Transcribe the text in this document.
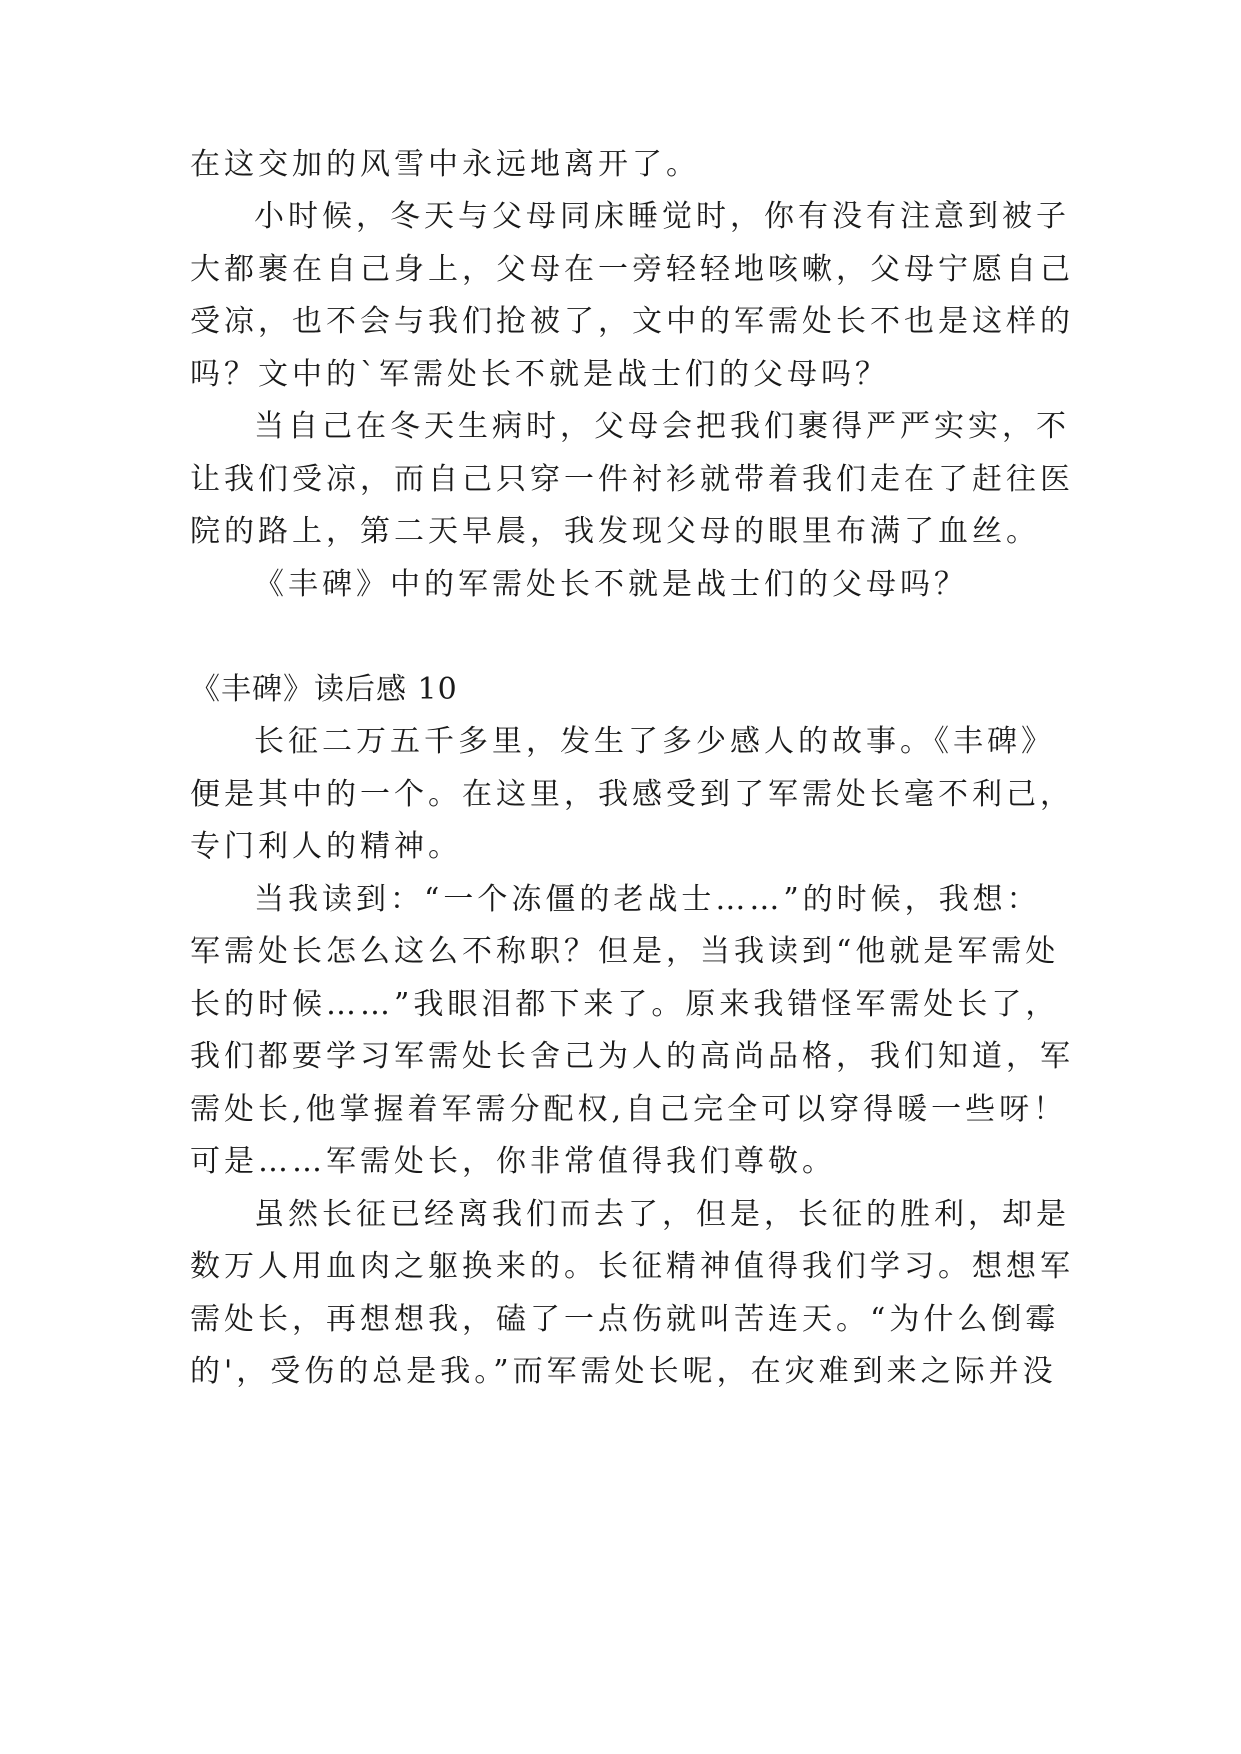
在这交加的风雪中永远地离开了。
小时候，冬天与父母同床睡觉时，你有没有注意到被子
大都裹在自己身上，父母在一旁轻轻地咳嗽，父母宁愿自己
受凉，也不会与我们抢被了，文中的军需处长不也是这样的
吗？文中的`军需处长不就是战士们的父母吗？
当自己在冬天生病时，父母会把我们裹得严严实实，不
让我们受凉，而自己只穿一件衬衫就带着我们走在了赶往医
院的路上，第二天早晨，我发现父母的眼里布满了血丝。
《丰碑》中的军需处长不就是战士们的父母吗？
《丰碑》读后感 10
长征二万五千多里，发生了多少感人的故事。《丰碑》
便是其中的一个。在这里，我感受到了军需处长毫不利己，
专门利人的精神。
当我读到：“一个冻僵的老战士……”的时候，我想：
军需处长怎么这么不称职？但是，当我读到“他就是军需处
长的时候……”我眼泪都下来了。原来我错怪军需处长了，
我们都要学习军需处长舍己为人的高尚品格，我们知道，军
需处长,他掌握着军需分配权,自己完全可以穿得暖一些呀！
可是……军需处长，你非常值得我们尊敬。
虽然长征已经离我们而去了，但是，长征的胜利，却是
数万人用血肉之躯换来的。长征精神值得我们学习。想想军
需处长，再想想我，磕了一点伤就叫苦连天。“为什么倒霉
的'，受伤的总是我。”而军需处长呢，在灾难到来之际并没
